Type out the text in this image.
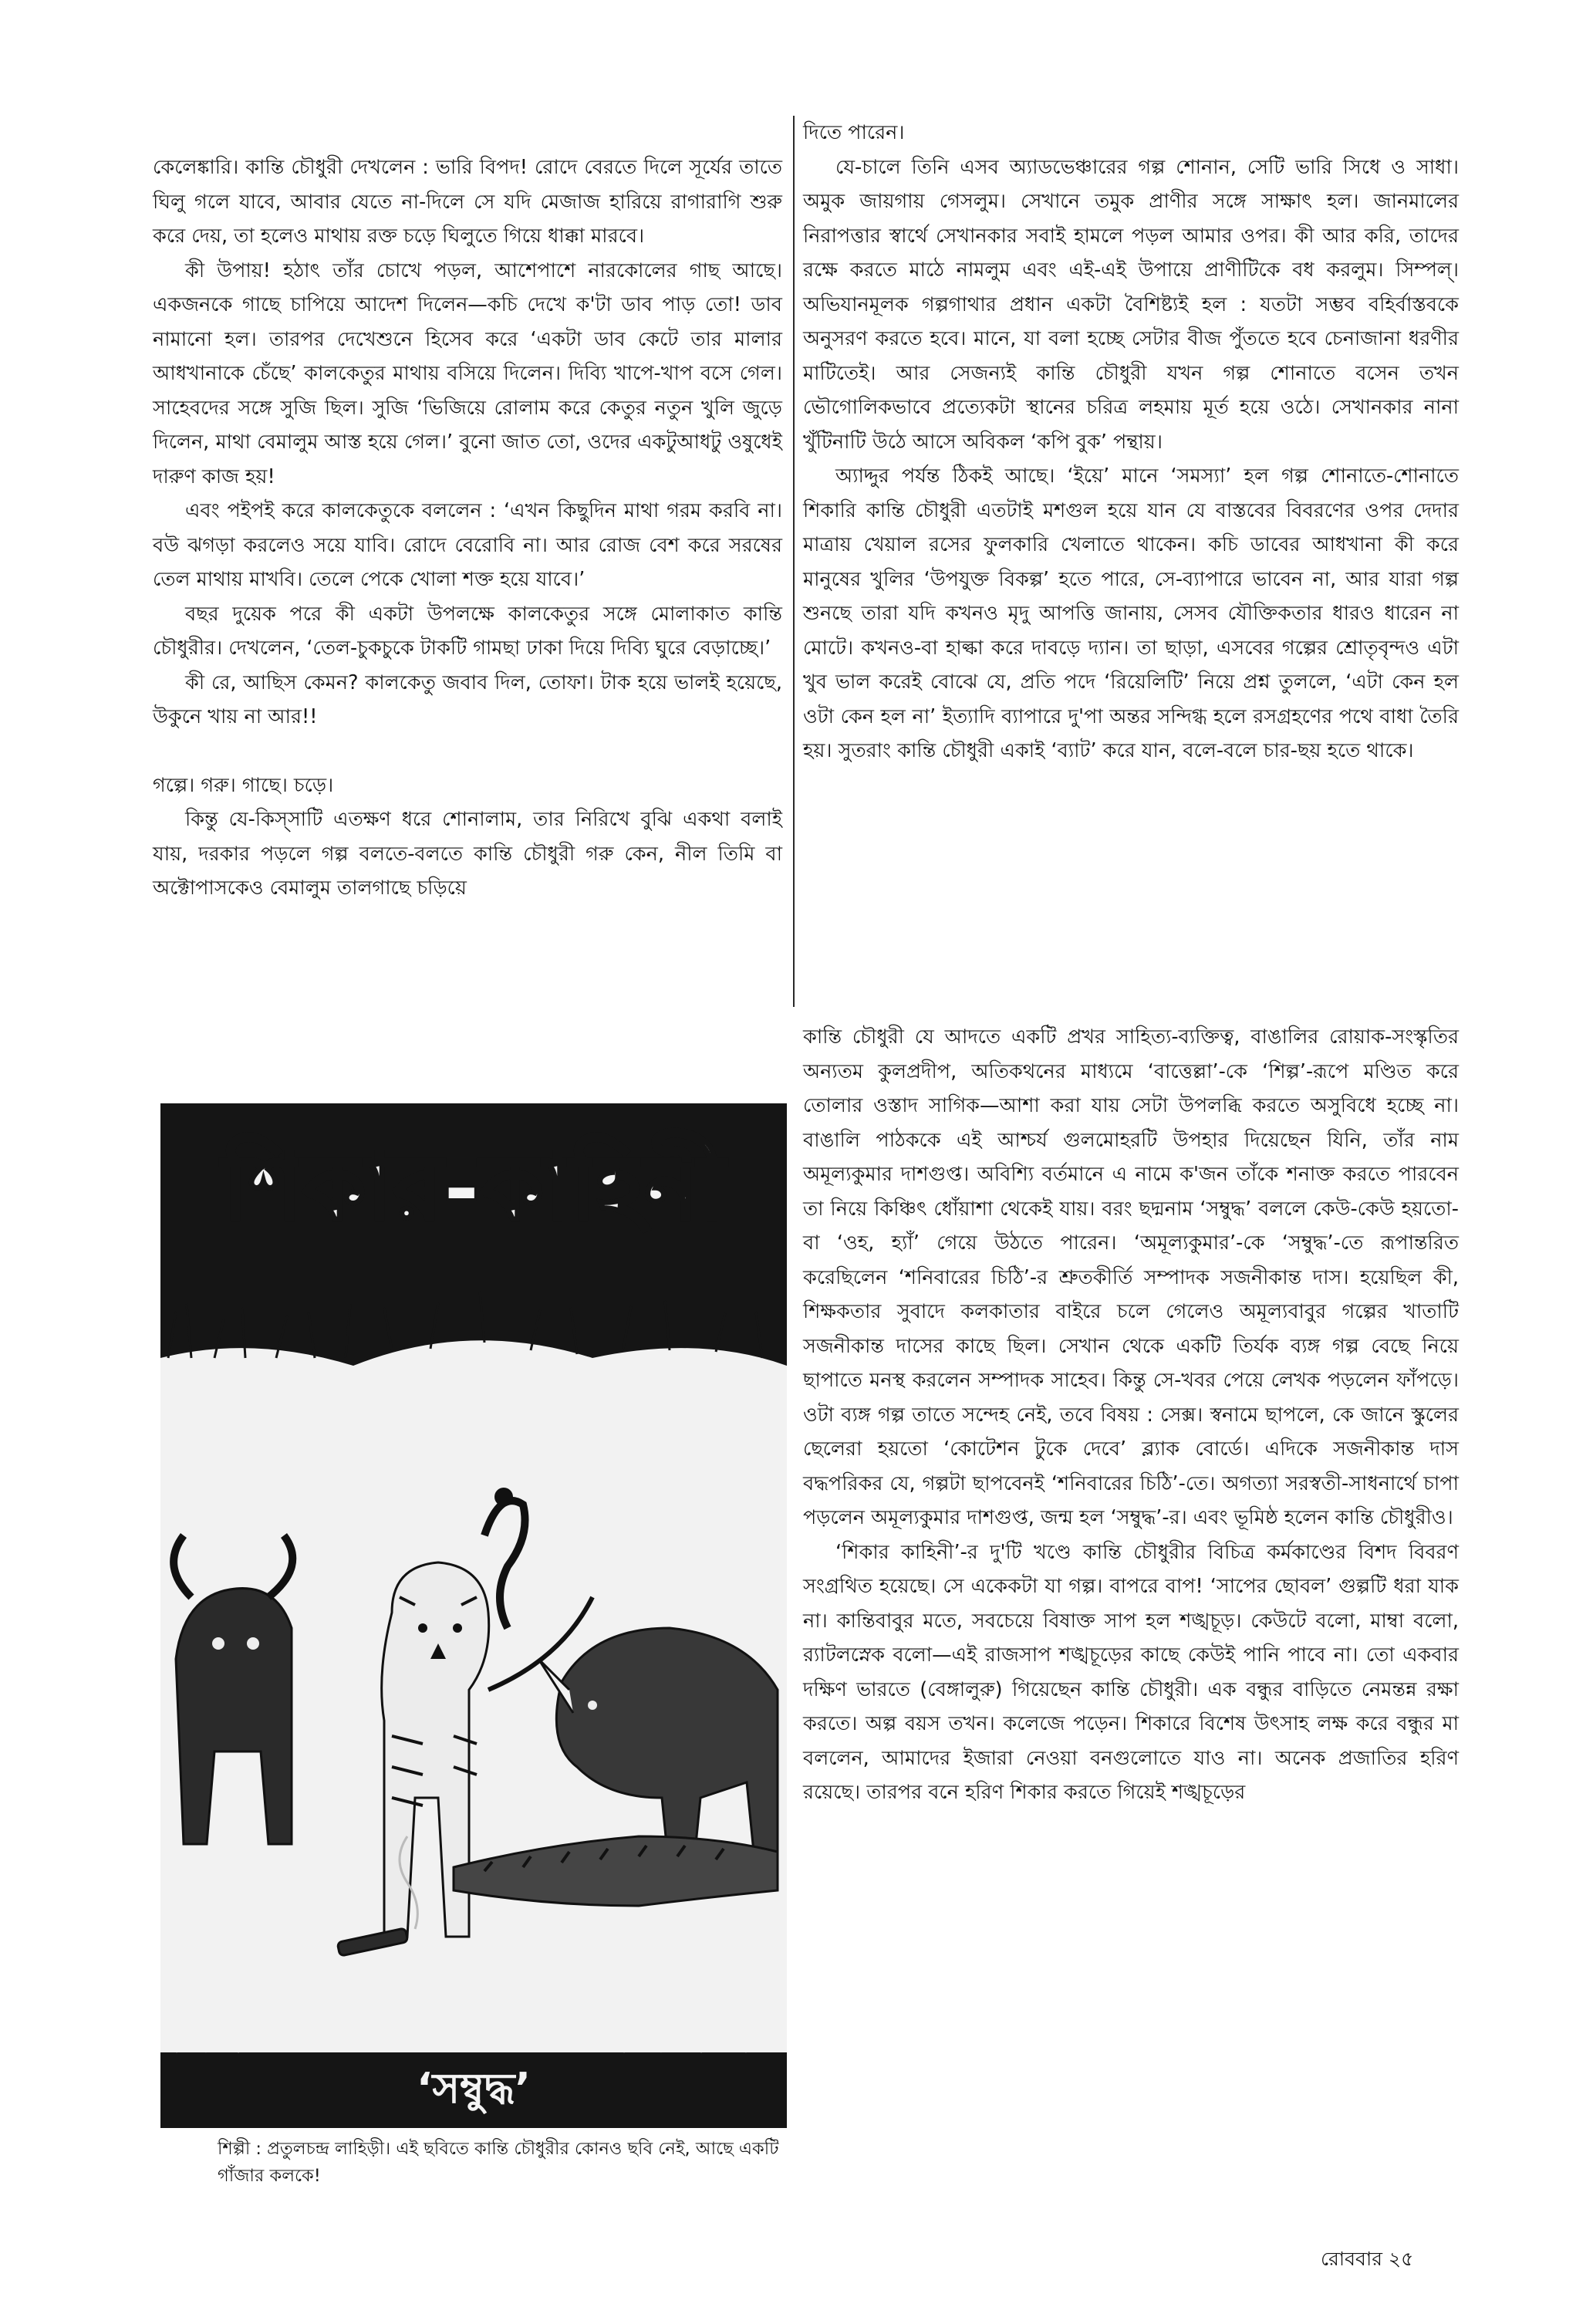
কেলেঙ্কারি। কান্তি চৌধুরী দেখলেন : ভারি বিপদ! রোদে বেরতে দিলে সূর্যের তাতে ঘিলু গলে যাবে, আবার যেতে না-দিলে সে যদি মেজাজ হারিয়ে রাগারাগি শুরু করে দেয়, তা হলেও মাথায় রক্ত চড়ে ঘিলুতে গিয়ে ধাক্কা মারবে।

কী উপায়! হঠাৎ তাঁর চোখে পড়ল, আশেপাশে নারকোলের গাছ আছে। একজনকে গাছে চাপিয়ে আদেশ দিলেন—কচি দেখে ক'টা ডাব পাড় তো! ডাব নামানো হল। তারপর দেখেশুনে হিসেব করে ‘একটা ডাব কেটে তার মালার আধখানাকে চেঁছে’ কালকেতুর মাথায় বসিয়ে দিলেন। দিব্যি খাপে-খাপ বসে গেল। সাহেবদের সঙ্গে সুজি ছিল। সুজি ‘ভিজিয়ে রোলাম করে কেতুর নতুন খুলি জুড়ে দিলেন, মাথা বেমালুম আস্ত হয়ে গেল।’ বুনো জাত তো, ওদের একটুআধটু ওষুধেই দারুণ কাজ হয়!

এবং পইপই করে কালকেতুকে বললেন : ‘এখন কিছুদিন মাথা গরম করবি না। বউ ঝগড়া করলেও সয়ে যাবি। রোদে বেরোবি না। আর রোজ বেশ করে সরষের তেল মাথায় মাখবি। তেলে পেকে খোলা শক্ত হয়ে যাবে।’

বছর দুয়েক পরে কী একটা উপলক্ষে কালকেতুর সঙ্গে মোলাকাত কান্তি চৌধুরীর। দেখলেন, ‘তেল-চুকচুকে টাকটি গামছা ঢাকা দিয়ে দিব্যি ঘুরে বেড়াচ্ছে।’

কী রে, আছিস কেমন? কালকেতু জবাব দিল, তোফা। টাক হয়ে ভালই হয়েছে, উকুনে খায় না আর!!

গল্পে। গরু। গাছে। চড়ে।

কিন্তু যে-কিস্‌সাটি এতক্ষণ ধরে শোনালাম, তার নিরিখে বুঝি একথা বলাই যায়, দরকার পড়লে গল্প বলতে-বলতে কান্তি চৌধুরী গরু কেন, নীল তিমি বা অক্টোপাসকেও বেমালুম তালগাছে চড়িয়ে

দিতে পারেন।

যে-চালে তিনি এসব অ্যাডভেঞ্চারের গল্প শোনান, সেটি ভারি সিধে ও সাধা। অমুক জায়গায় গেসলুম। সেখানে তমুক প্রাণীর সঙ্গে সাক্ষাৎ হল। জানমালের নিরাপত্তার স্বার্থে সেখানকার সবাই হামলে পড়ল আমার ওপর। কী আর করি, তাদের রক্ষে করতে মাঠে নামলুম এবং এই-এই উপায়ে প্রাণীটিকে বধ করলুম। সিম্পল্‌। অভিযানমূলক গল্পগাথার প্রধান একটা বৈশিষ্ট্যই হল : যতটা সম্ভব বহির্বাস্তবকে অনুসরণ করতে হবে। মানে, যা বলা হচ্ছে সেটার বীজ পুঁততে হবে চেনাজানা ধরণীর মাটিতেই। আর সেজন্যই কান্তি চৌধুরী যখন গল্প শোনাতে বসেন তখন ভৌগোলিকভাবে প্রত্যেকটা স্থানের চরিত্র লহমায় মূর্ত হয়ে ওঠে। সেখানকার নানা খুঁটিনাটি উঠে আসে অবিকল ‘কপি বুক’ পন্থায়।

অ্যাদ্দুর পর্যন্ত ঠিকই আছে। ‘ইয়ে’ মানে ‘সমস্যা’ হল গল্প শোনাতে-শোনাতে শিকারি কান্তি চৌধুরী এতটাই মশগুল হয়ে যান যে বাস্তবের বিবরণের ওপর দেদার মাত্রায় খেয়াল রসের ফুলকারি খেলাতে থাকেন। কচি ডাবের আধখানা কী করে মানুষের খুলির ‘উপযুক্ত বিকল্প’ হতে পারে, সে-ব্যাপারে ভাবেন না, আর যারা গল্প শুনছে তারা যদি কখনও মৃদু আপত্তি জানায়, সেসব যৌক্তিকতার ধারও ধারেন না মোটে। কখনও-বা হাল্কা করে দাবড়ে দ্যান। তা ছাড়া, এসবের গল্পের শ্রোতৃবৃন্দও এটা খুব ভাল করেই বোঝে যে, প্রতি পদে ‘রিয়েলিটি’ নিয়ে প্রশ্ন তুললে, ‘এটা কেন হল ওটা কেন হল না’ ইত্যাদি ব্যাপারে দু'পা অন্তর সন্দিগ্ধ হলে রসগ্রহণের পথে বাধা তৈরি হয়। সুতরাং কান্তি চৌধুরী একাই ‘ব্যাট’ করে যান, বলে-বলে চার-ছয় হতে থাকে।

কান্তি চৌধুরী যে আদতে একটি প্রখর সাহিত্য-ব্যক্তিত্ব, বাঙালির রোয়াক-সংস্কৃতির অন্যতম কুলপ্রদীপ, অতিকথনের মাধ্যমে ‘বাত্তেল্লা’-কে ‘শিল্প’-রূপে মণ্ডিত করে তোলার ওস্তাদ সাগিক—আশা করা যায় সেটা উপলব্ধি করতে অসুবিধে হচ্ছে না। বাঙালি পাঠককে এই আশ্চর্য গুলমোহরটি উপহার দিয়েছেন যিনি, তাঁর নাম অমূল্যকুমার দাশগুপ্ত। অবিশ্যি বর্তমানে এ নামে ক'জন তাঁকে শনাক্ত করতে পারবেন তা নিয়ে কিঞ্চিৎ ধোঁয়াশা থেকেই যায়। বরং ছদ্মনাম ‘সম্বুদ্ধ’ বললে কেউ-কেউ হয়তো-বা ‘ওহ, হ্যাঁ’ গেয়ে উঠতে পারেন। ‘অমূল্যকুমার’-কে ‘সম্বুদ্ধ’-তে রূপান্তরিত করেছিলেন ‘শনিবারের চিঠি’-র শ্রুতকীর্তি সম্পাদক সজনীকান্ত দাস। হয়েছিল কী, শিক্ষকতার সুবাদে কলকাতার বাইরে চলে গেলেও অমূল্যবাবুর গল্পের খাতাটি সজনীকান্ত দাসের কাছে ছিল। সেখান থেকে একটি তির্যক ব্যঙ্গ গল্প বেছে নিয়ে ছাপাতে মনস্থ করলেন সম্পাদক সাহেব। কিন্তু সে-খবর পেয়ে লেখক পড়লেন ফাঁপড়ে। ওটা ব্যঙ্গ গল্প তাতে সন্দেহ নেই, তবে বিষয় : সেক্স। স্বনামে ছাপলে, কে জানে স্কুলের ছেলেরা হয়তো ‘কোটেশন টুকে দেবে’ ব্ল্যাক বোর্ডে। এদিকে সজনীকান্ত দাস বদ্ধপরিকর যে, গল্পটা ছাপবেনই ‘শনিবারের চিঠি’-তে। অগত্যা সরস্বতী-সাধনার্থে চাপা পড়লেন অমূল্যকুমার দাশগুপ্ত, জন্ম হল ‘সম্বুদ্ধ’-র। এবং ভূমিষ্ঠ হলেন কান্তি চৌধুরীও।

‘শিকার কাহিনী’-র দু'টি খণ্ডে কান্তি চৌধুরীর বিচিত্র কর্মকাণ্ডের বিশদ বিবরণ সংগ্রথিত হয়েছে। সে একেকটা যা গল্প। বাপরে বাপ! ‘সাপের ছোবল’ গুল্পটি ধরা যাক না। কান্তিবাবুর মতে, সবচেয়ে বিষাক্ত সাপ হল শঙ্খচূড়। কেউটে বলো, মাম্বা বলো, র‍্যাটলস্নেক বলো—এই রাজসাপ শঙ্খচূড়ের কাছে কেউই পানি পাবে না। তো একবার দক্ষিণ ভারতে (বেঙ্গালুরু) গিয়েছেন কান্তি চৌধুরী। এক বন্ধুর বাড়িতে নেমন্তন্ন রক্ষা করতে। অল্প বয়স তখন। কলেজে পড়েন। শিকারে বিশেষ উৎসাহ লক্ষ করে বন্ধুর মা বললেন, আমাদের ইজারা নেওয়া বনগুলোতে যাও না। অনেক প্রজাতির হরিণ রয়েছে। তারপর বনে হরিণ শিকার করতে গিয়েই শঙ্খচূড়ের

শিকার-কাহিনী
‘সম্বুদ্ধ’
শিল্পী : প্রতুলচন্দ্র লাহিড়ী। এই ছবিতে কান্তি চৌধুরীর কোনও ছবি নেই, আছে একটি গাঁজার কলকে!
রোববার ২৫
